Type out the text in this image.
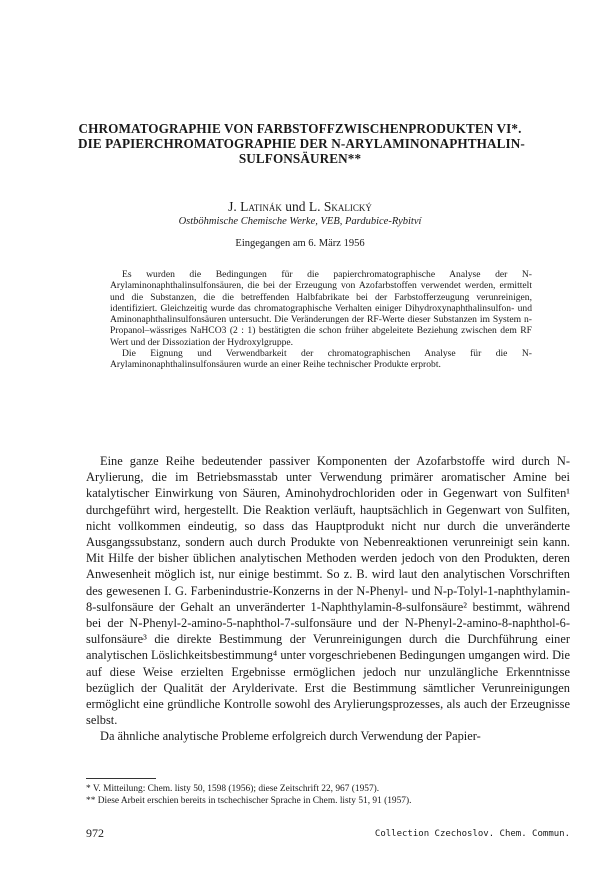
CHROMATOGRAPHIE VON FARBSTOFFZWISCHENPRODUKTEN VI*.
DIE PAPIERCHROMATOGRAPHIE DER N-ARYLAMINONAPHTHALIN-
SULFONSÄUREN**
J. Latinák und L. Skalický
Ostböhmische Chemische Werke, VEB, Pardubice-Rybitví
Eingegangen am 6. März 1956

Es wurden die Bedingungen für die papierchromatographische Analyse der N-Arylaminonaphthalinsulfonsäuren, die bei der Erzeugung von Azofarbstoffen verwendet werden, ermittelt und die Substanzen, die die betreffenden Halbfabrikate bei der Farbstofferzeugung verunreinigen, identifiziert. Gleichzeitig wurde das chromatographische Verhalten einiger Dihydroxynaphthalinsulfon- und Aminonaphthalinsulfonsäuren untersucht. Die Veränderungen der RF-Werte dieser Substanzen im System n-Propanol–wässriges NaHCO3 (2 : 1) bestätigten die schon früher abgeleitete Beziehung zwischen dem RF Wert und der Dissoziation der Hydroxylgruppe.

Die Eignung und Verwendbarkeit der chromatographischen Analyse für die N-Arylaminonaphthalinsulfonsäuren wurde an einer Reihe technischer Produkte erprobt.

Eine ganze Reihe bedeutender passiver Komponenten der Azofarbstoffe wird durch N-Arylierung, die im Betriebsmasstab unter Verwendung primärer aromatischer Amine bei katalytischer Einwirkung von Säuren, Aminohydrochloriden oder in Gegenwart von Sulfiten¹ durchgeführt wird, hergestellt. Die Reaktion verläuft, hauptsächlich in Gegenwart von Sulfiten, nicht vollkommen eindeutig, so dass das Hauptprodukt nicht nur durch die unveränderte Ausgangssubstanz, sondern auch durch Produkte von Nebenreaktionen verunreinigt sein kann. Mit Hilfe der bisher üblichen analytischen Methoden werden jedoch von den Produkten, deren Anwesenheit möglich ist, nur einige bestimmt. So z. B. wird laut den analytischen Vorschriften des gewesenen I. G. Farbenindustrie-Konzerns in der N-Phenyl- und N-p-Tolyl-1-naphthylamin-8-sulfonsäure der Gehalt an unveränderter 1-Naphthylamin-8-sulfonsäure² bestimmt, während bei der N-Phenyl-2-amino-5-naphthol-7-sulfonsäure und der N-Phenyl-2-amino-8-naphthol-6-sulfonsäure³ die direkte Bestimmung der Verunreinigungen durch die Durchführung einer analytischen Löslichkeitsbestimmung⁴ unter vorgeschriebenen Bedingungen umgangen wird. Die auf diese Weise erzielten Ergebnisse ermöglichen jedoch nur unzulängliche Erkenntnisse bezüglich der Qualität der Arylderivate. Erst die Bestimmung sämtlicher Verunreinigungen ermöglicht eine gründliche Kontrolle sowohl des Arylierungsprozesses, als auch der Erzeugnisse selbst.

Da ähnliche analytische Probleme erfolgreich durch Verwendung der Papier-

* V. Mitteilung: Chem. listy 50, 1598 (1956); diese Zeitschrift 22, 967 (1957).
** Diese Arbeit erschien bereits in tschechischer Sprache in Chem. listy 51, 91 (1957).
972	Collection Czechoslov. Chem. Commun.
